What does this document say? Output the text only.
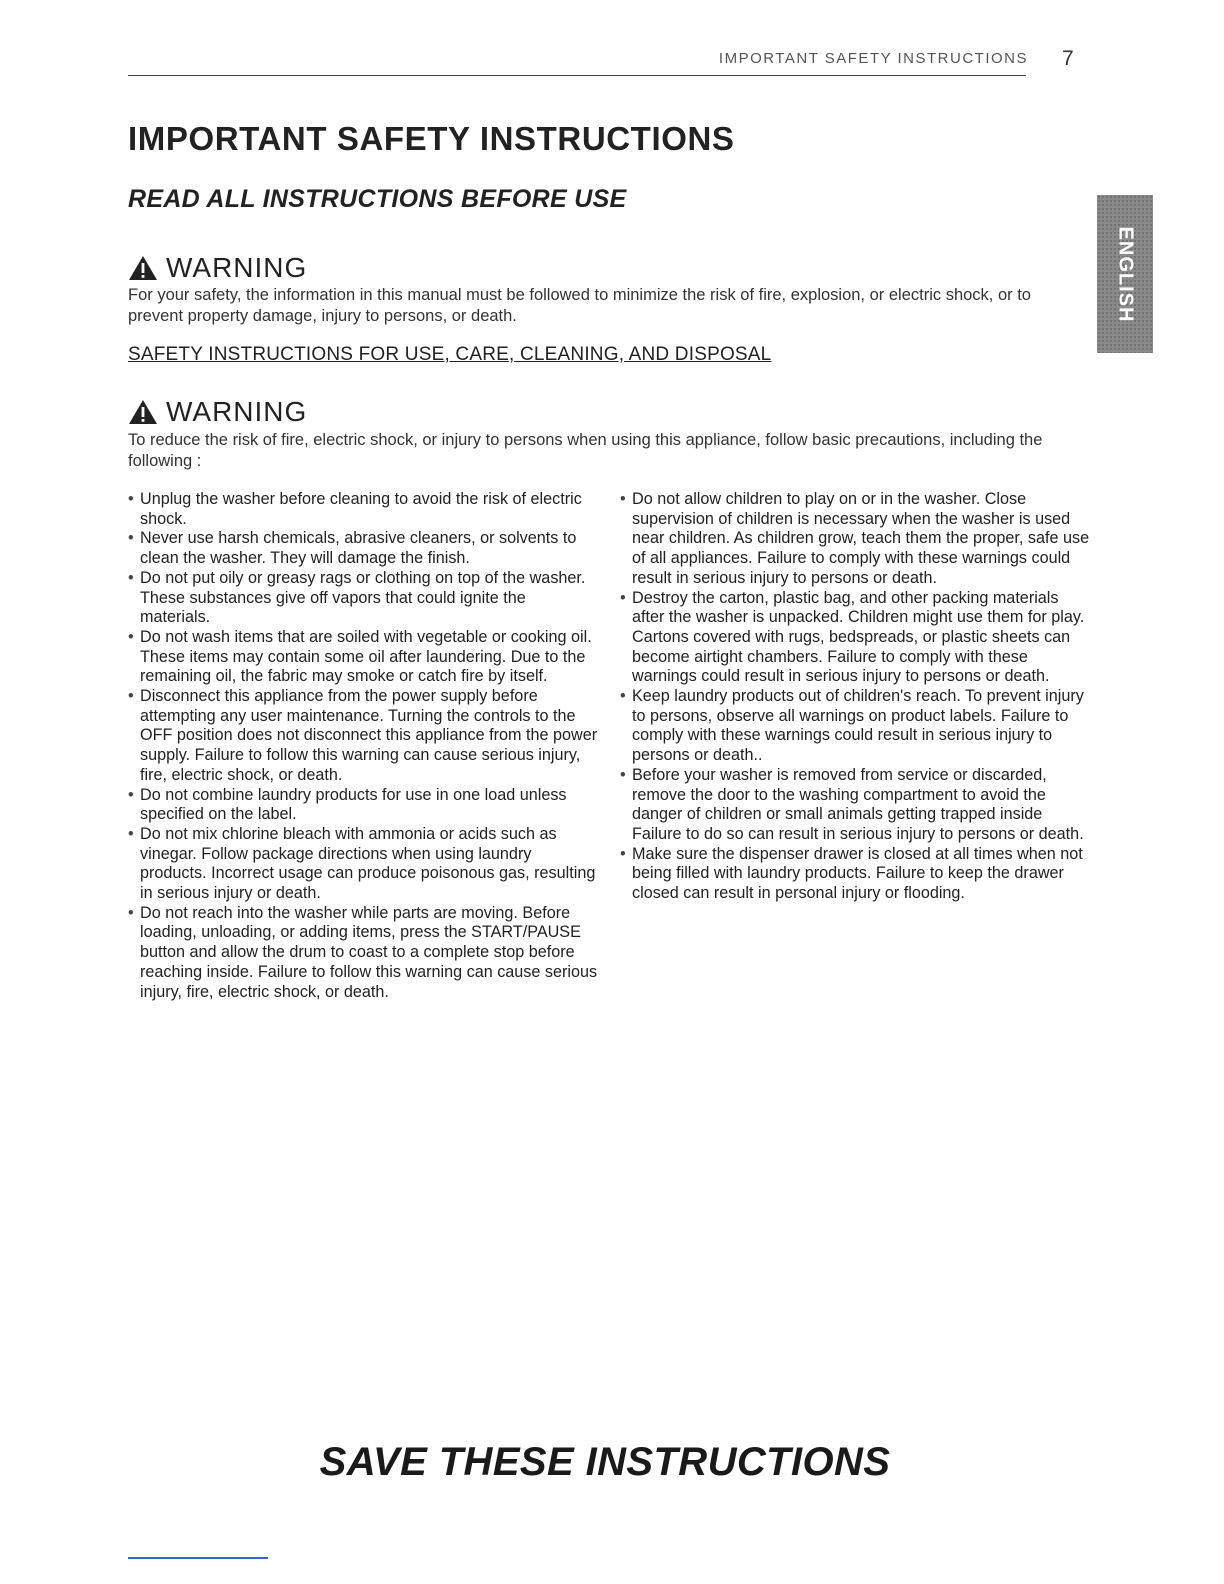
IMPORTANT SAFETY INSTRUCTIONS 7
IMPORTANT SAFETY INSTRUCTIONS
READ ALL INSTRUCTIONS BEFORE USE
ENGLISH
WARNING

For your safety, the information in this manual must be followed to minimize the risk of fire, explosion, or electric shock, or to prevent property damage, injury to persons, or death.

SAFETY INSTRUCTIONS FOR USE, CARE, CLEANING, AND DISPOSAL

WARNING

To reduce the risk of fire, electric shock, or injury to persons when using this appliance, follow basic precautions, including the following :

• Unplug the washer before cleaning to avoid the risk of electric shock.
• Never use harsh chemicals, abrasive cleaners, or solvents to clean the washer. They will damage the finish.
• Do not put oily or greasy rags or clothing on top of the washer. These substances give off vapors that could ignite the materials.
• Do not wash items that are soiled with vegetable or cooking oil. These items may contain some oil after laundering. Due to the remaining oil, the fabric may smoke or catch fire by itself.
• Disconnect this appliance from the power supply before attempting any user maintenance. Turning the controls to the OFF position does not disconnect this appliance from the power supply. Failure to follow this warning can cause serious injury, fire, electric shock, or death.
• Do not combine laundry products for use in one load unless specified on the label.
• Do not mix chlorine bleach with ammonia or acids such as vinegar. Follow package directions when using laundry products. Incorrect usage can produce poisonous gas, resulting in serious injury or death.
• Do not reach into the washer while parts are moving. Before loading, unloading, or adding items, press the START/PAUSE button and allow the drum to coast to a complete stop before reaching inside. Failure to follow this warning can cause serious injury, fire, electric shock, or death.
• Do not allow children to play on or in the washer. Close supervision of children is necessary when the washer is used near children. As children grow, teach them the proper, safe use of all appliances. Failure to comply with these warnings could result in serious injury to persons or death.
• Destroy the carton, plastic bag, and other packing materials after the washer is unpacked. Children might use them for play. Cartons covered with rugs, bedspreads, or plastic sheets can become airtight chambers. Failure to comply with these warnings could result in serious injury to persons or death.
• Keep laundry products out of children's reach. To prevent injury to persons, observe all warnings on product labels. Failure to comply with these warnings could result in serious injury to persons or death..
• Before your washer is removed from service or discarded, remove the door to the washing compartment to avoid the danger of children or small animals getting trapped inside Failure to do so can result in serious injury to persons or death.
• Make sure the dispenser drawer is closed at all times when not being filled with laundry products. Failure to keep the drawer closed can result in personal injury or flooding.

SAVE THESE INSTRUCTIONS
